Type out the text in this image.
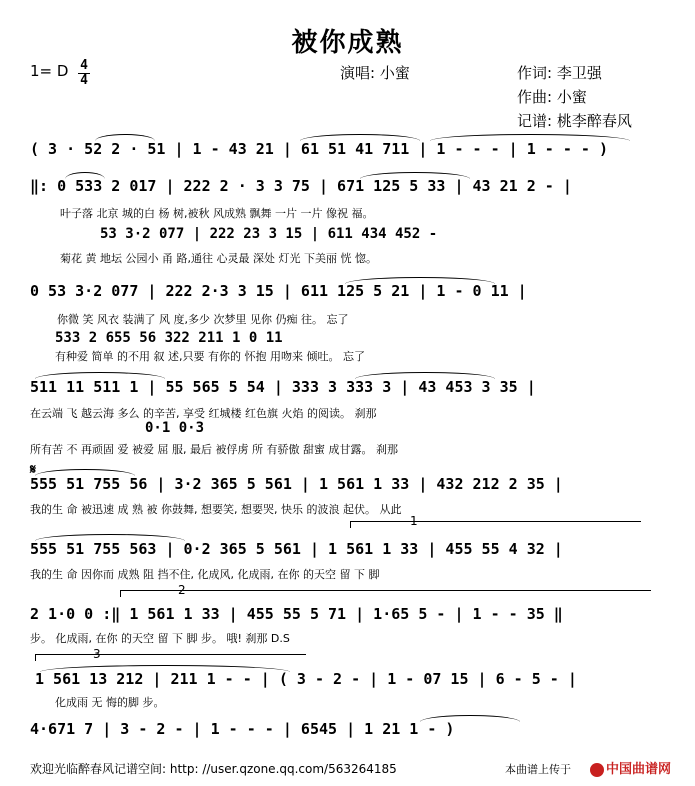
被你成熟
1= D 4
4	演唱: 小蜜	作词: 李卫强
作曲: 小蜜
记谱: 桃李醉春风
( 3 · 52 2 · 51 | 1 - 43 21 | 61 51 41 711 | 1 - - - | 1 - - - )
‖: 0 533 2 017 | 222 2 · 3 3 75 | 671 125 5 33 | 43 21 2 - |
叶子落 北京 城的白 杨 树,被秋 风成熟 飘舞 一片 一片 像祝 福。
53 3·2 077 | 222 23 3 15 | 611 434 452 -
菊花 黄 地坛 公园小 甬 路,通往 心灵最 深处 灯光 下美丽 恍 惚。
0 53 3·2 077 | 222 2·3 3 15 | 611 125 5 21 | 1 - 0 11 |
你微 笑 风衣 装满了 风 度,多少 次梦里 见你 仍痴 往。 忘了
533 2 655 56 322 211 1 0 11
有种爱 简单 的不用 叙 述,只要 有你的 怀抱 用吻来 倾吐。 忘了
511 11 511 1 | 55 565 5 54 | 333 3 333 3 | 43 453 3 35 |
在云端 飞 越云海 多么 的辛苦, 享受 红城楼 红色旗 火焰 的阅读。 刹那
0·1 0·3
所有苦 不 再顽固 爱 被爱 屈 服, 最后 被俘虏 所 有骄傲 甜蜜 成甘露。 刹那
𝄋
555 51 755 56 | 3·2 365 5 561 | 1 561 1 33 | 432 212 2 35 |
我的生 命 被迅速 成 熟 被 你鼓舞, 想要笑, 想要哭, 快乐 的波浪 起伏。 从此
1
555 51 755 563 | 0·2 365 5 561 | 1 561 1 33 | 455 55 4 32 |
我的生 命 因你而 成熟 阻 挡不住, 化成风, 化成雨, 在你 的天空 留 下 脚
2
2 1·0 0 :‖ 1 561 1 33 | 455 55 5 71 | 1·65 5 - | 1 - - 35 ‖
步。 化成雨, 在你 的天空 留 下 脚 步。 哦! 刹那 D.S
3
1 561 13 212 | 211 1 - - | ( 3 - 2 - | 1 - 07 15 | 6 - 5 - |
化成雨 无 悔的脚 步。
4·671 7 | 3 - 2 - | 1 - - - | 6545 | 1 21 1 - )
欢迎光临醉春风记谱空间: http: //user.qzone.qq.com/563264185	本曲谱上传于	中国曲谱网
